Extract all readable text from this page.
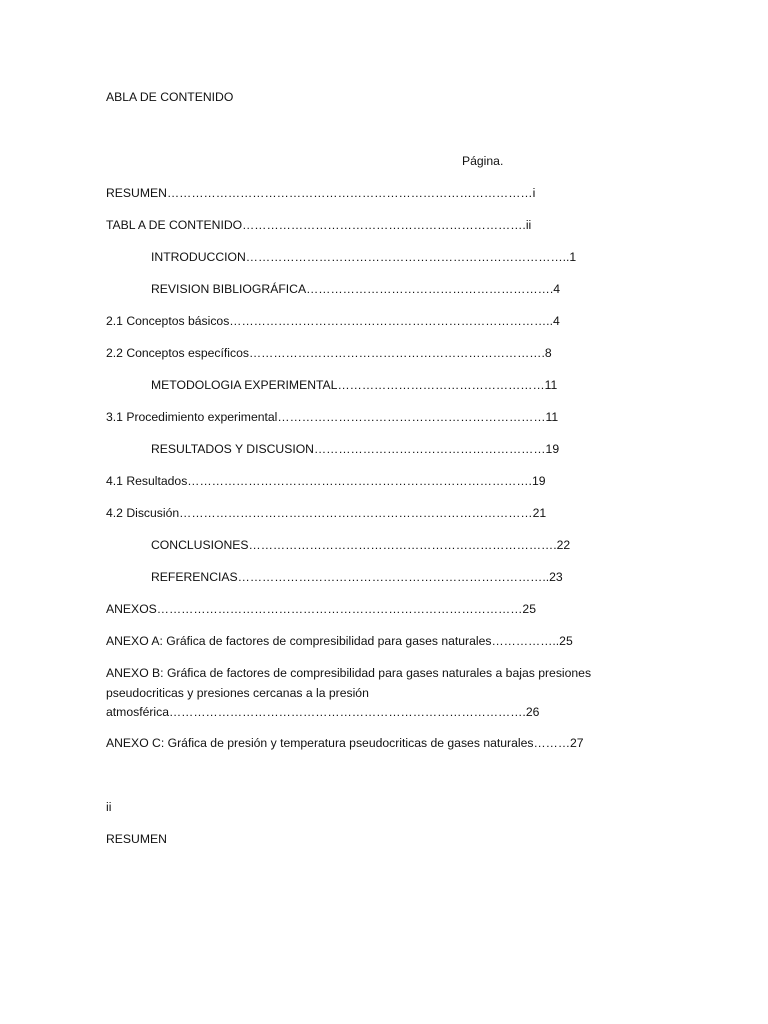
ABLA DE CONTENIDO
Página.
RESUMEN………………………………………………………………………………i
TABL A DE CONTENIDO…………………………………………………………….ii
INTRODUCCION……………………………………………………………………..1
REVISION BIBLIOGRÁFICA…………………………………………………….4
2.1 Conceptos básicos……………………………………………………………………..4
2.2 Conceptos específicos……………………………………………………………….8
METODOLOGIA EXPERIMENTAL……………………………………………11
3.1 Procedimiento experimental…………………………………………………………11
RESULTADOS Y DISCUSION…………………………………………………19
4.1 Resultados………………………………………………………………………….19
4.2 Discusión……………………………………………………………………………21
CONCLUSIONES………………………………………………………………….22
REFERENCIAS…………………………………………………………………..23
ANEXOS………………………………………………………………………………25
ANEXO A: Gráfica de factores de compresibilidad para gases naturales……………..25
ANEXO B: Gráfica de factores de compresibilidad para gases naturales a bajas presiones pseudocriticas y presiones cercanas a la presión atmosférica…………………………………………………………………………….26
ANEXO C: Gráfica de presión y temperatura pseudocriticas de gases naturales………27
ii
RESUMEN
